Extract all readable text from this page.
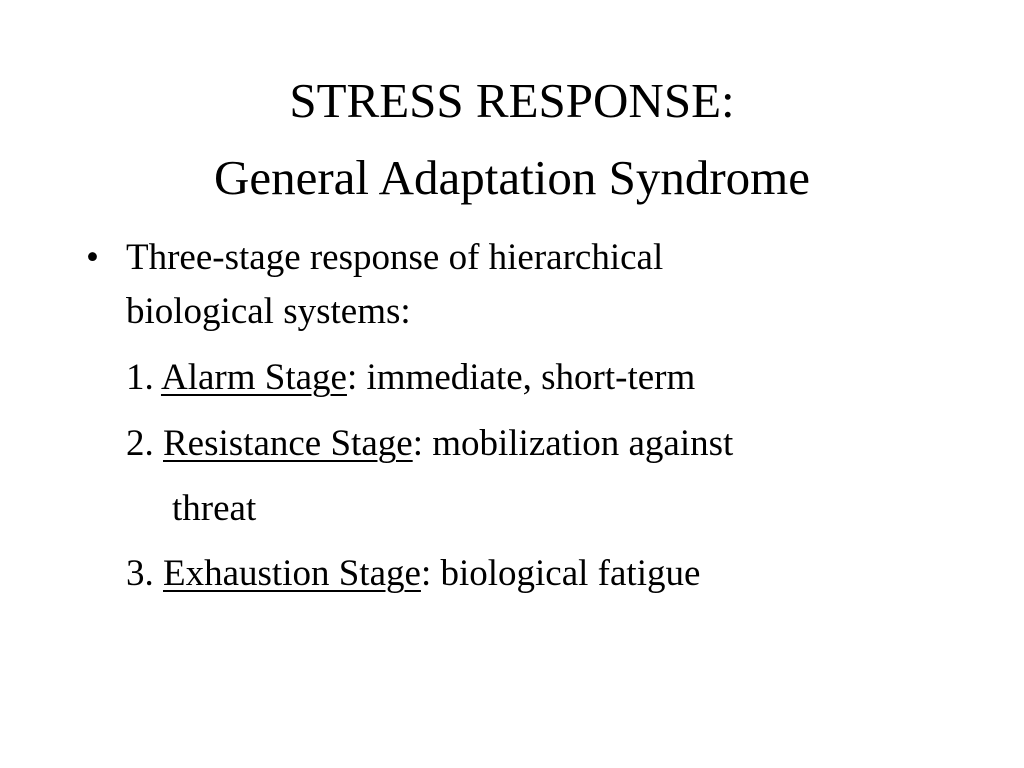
STRESS RESPONSE:
General Adaptation Syndrome
• Three-stage response of hierarchical
biological systems:
1. Alarm Stage: immediate, short-term
2. Resistance Stage: mobilization against
threat
3. Exhaustion Stage: biological fatigue
